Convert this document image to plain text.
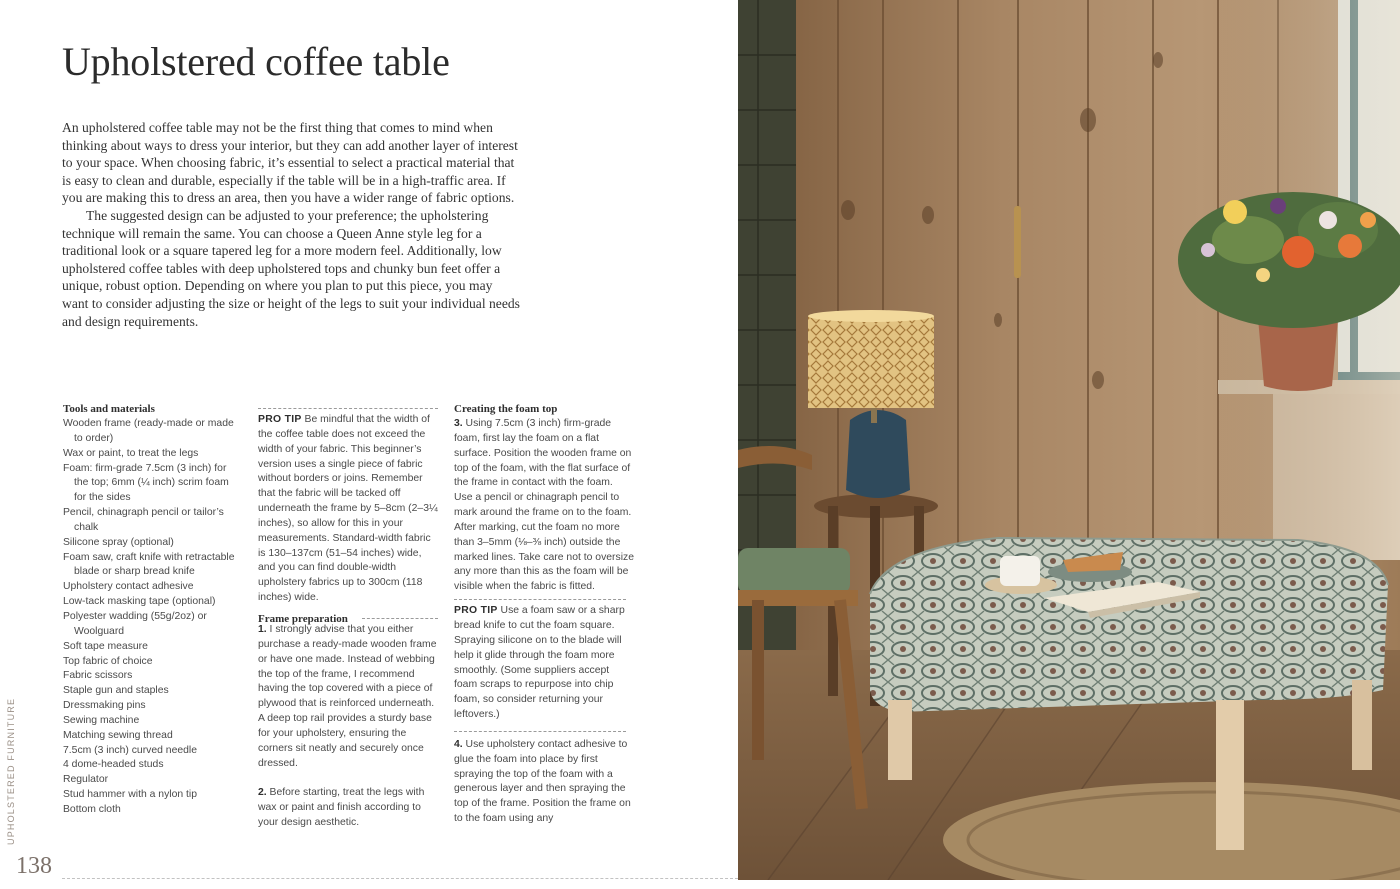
Upholstered coffee table

An upholstered coffee table may not be the first thing that comes to mind when thinking about ways to dress your interior, but they can add another layer of interest to your space. When choosing fabric, it’s essential to select a practical material that is easy to clean and durable, especially if the table will be in a high-traffic area. If you are making this to dress an area, then you have a wider range of fabric options.

The suggested design can be adjusted to your preference; the upholstering technique will remain the same. You can choose a Queen Anne style leg for a traditional look or a square tapered leg for a more modern feel. Additionally, low upholstered coffee tables with deep upholstered tops and chunky bun feet offer a unique, robust option. Depending on where you plan to put this piece, you may want to consider adjusting the size or height of the legs to suit your individual needs and design requirements.

Tools and materials
Wooden frame (ready-made or made to order)
Wax or paint, to treat the legs
Foam: firm-grade 7.5cm (3 inch) for the top; 6mm (¼ inch) scrim foam for the sides
Pencil, chinagraph pencil or tailor’s chalk
Silicone spray (optional)
Foam saw, craft knife with retractable blade or sharp bread knife
Upholstery contact adhesive
Low-tack masking tape (optional)
Polyester wadding (55g/2oz) or Woolguard
Soft tape measure
Top fabric of choice
Fabric scissors
Staple gun and staples
Dressmaking pins
Sewing machine
Matching sewing thread
7.5cm (3 inch) curved needle
4 dome-headed studs
Regulator
Stud hammer with a nylon tip
Bottom cloth

PRO TIP Be mindful that the width of the coffee table does not exceed the width of your fabric. This beginner’s version uses a single piece of fabric without borders or joins. Remember that the fabric will be tacked off underneath the frame by 5–8cm (2–3¼ inches), so allow for this in your measurements. Standard-width fabric is 130–137cm (51–54 inches) wide, and you can find double-width upholstery fabrics up to 300cm (118 inches) wide.

Frame preparation

1. I strongly advise that you either purchase a ready-made wooden frame or have one made. Instead of webbing the top of the frame, I recommend having the top covered with a piece of plywood that is reinforced underneath.

A deep top rail provides a sturdy base for your upholstery, ensuring the corners sit neatly and securely once dressed.

2. Before starting, treat the legs with wax or paint and finish according to your design aesthetic.

Creating the foam top

3. Using 7.5cm (3 inch) firm-grade foam, first lay the foam on a flat surface. Position the wooden frame on top of the foam, with the flat surface of the frame in contact with the foam. Use a pencil or chinagraph pencil to mark around the frame on to the foam. After marking, cut the foam no more than 3–5mm (⅛–⅜ inch) outside the marked lines. Take care not to oversize any more than this as the foam will be visible when the fabric is fitted.

PRO TIP Use a foam saw or a sharp bread knife to cut the foam square. Spraying silicone on to the blade will help it glide through the foam more smoothly. (Some suppliers accept foam scraps to repurpose into chip foam, so consider returning your leftovers.)

4. Use upholstery contact adhesive to glue the foam into place by first spraying the top of the foam with a generous layer and then spraying the top of the frame. Position the frame on to the foam using any

UPHOLSTERED FURNITURE
138
